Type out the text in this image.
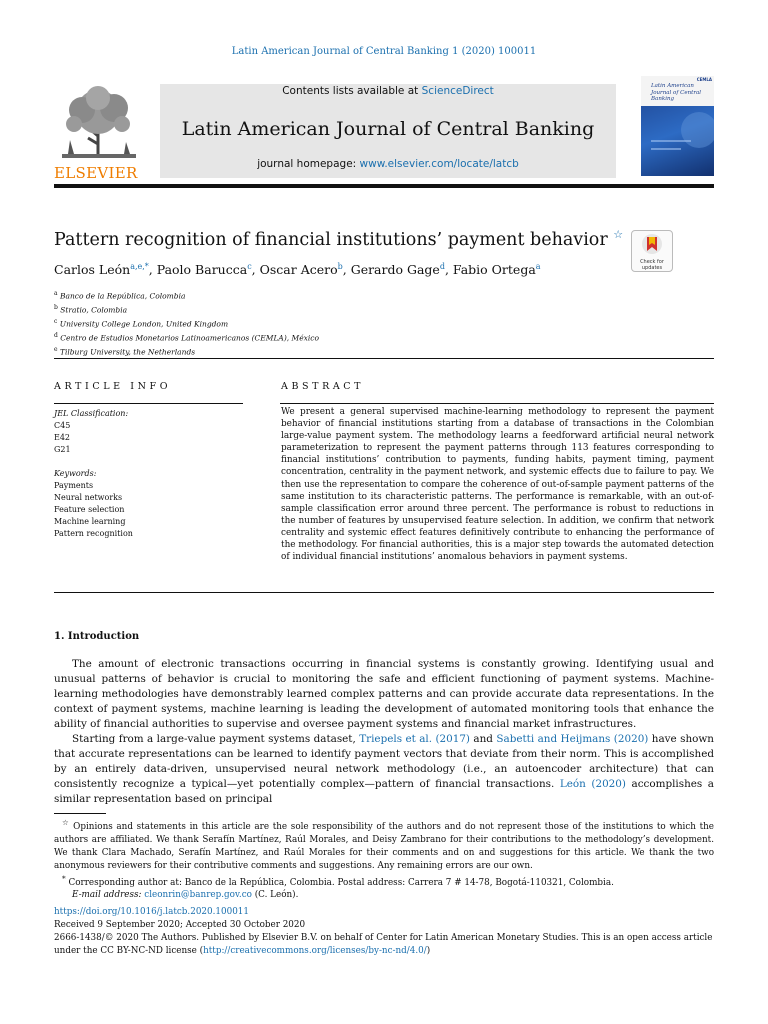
Latin American Journal of Central Banking 1 (2020) 100011
ELSEVIER
Contents lists available at ScienceDirect
Latin American Journal of Central Banking
journal homepage: www.elsevier.com/locate/latcb
CEMLA
Latin American Journal of Central Banking
Pattern recognition of financial institutions’ payment behavior ☆
Check for updates
Carlos León$^{a,e,*}$, Paolo Barucca$^c$, Oscar Acero$^b$, Gerardo Gage$^d$, Fabio Ortega$^a$
$^a$ Banco de la República, Colombia
$^b$ Stratio, Colombia
$^c$ University College London, United Kingdom
$^d$ Centro de Estudios Monetarios Latinoamericanos (CEMLA), México
$^e$ Tilburg University, the Netherlands
ARTICLE INFO	ABSTRACT
JEL Classification:
C45
E42
G21
Keywords:
Payments
Neural networks
Feature selection
Machine learning
Pattern recognition
We present a general supervised machine-learning methodology to represent the payment behavior of financial institutions starting from a database of transactions in the Colombian large-value payment system. The methodology learns a feedforward artificial neural network parameterization to represent the payment patterns through 113 features corresponding to financial institutions’ contribution to payments, funding habits, payment timing, payment concentration, centrality in the payment network, and systemic effects due to failure to pay. We then use the representation to compare the coherence of out-of-sample payment patterns of the same institution to its characteristic patterns. The performance is remarkable, with an out-of-sample classification error around three percent. The performance is robust to reductions in the number of features by unsupervised feature selection. In addition, we confirm that network centrality and systemic effect features definitively contribute to enhancing the performance of the methodology. For financial authorities, this is a major step towards the automated detection of individual financial institutions’ anomalous behaviors in payment systems.
1. Introduction

The amount of electronic transactions occurring in financial systems is constantly growing. Identifying usual and unusual patterns of behavior is crucial to monitoring the safe and efficient functioning of payment systems. Machine-learning methodologies have demonstrably learned complex patterns and can provide accurate data representations. In the context of payment systems, machine learning is leading the development of automated monitoring tools that enhance the ability of financial authorities to supervise and oversee payment systems and financial market infrastructures.

Starting from a large-value payment systems dataset, Triepels et al. (2017) and Sabetti and Heijmans (2020) have shown that accurate representations can be learned to identify payment vectors that deviate from their norm. This is accomplished by an entirely data-driven, unsupervised neural network methodology (i.e., an autoencoder architecture) that can consistently recognize a typical—yet potentially complex—pattern of financial transactions. León (2020) accomplishes a similar representation based on principal

☆ Opinions and statements in this article are the sole responsibility of the authors and do not represent those of the institutions to which the authors are affiliated. We thank Serafín Martínez, Raúl Morales, and Deisy Zambrano for their contributions to the methodology’s development. We thank Clara Machado, Serafín Martínez, and Raúl Morales for their comments and on and suggestions for this article. We thank the two anonymous reviewers for their contributive comments and suggestions. Any remaining errors are our own.

* Corresponding author at: Banco de la República, Colombia. Postal address: Carrera 7 # 14-78, Bogotá-110321, Colombia.

E-mail address: cleonrin@banrep.gov.co (C. León).

https://doi.org/10.1016/j.latcb.2020.100011
Received 9 September 2020; Accepted 30 October 2020
2666-1438/© 2020 The Authors. Published by Elsevier B.V. on behalf of Center for Latin American Monetary Studies. This is an open access article under the CC BY-NC-ND license (http://creativecommons.org/licenses/by-nc-nd/4.0/)
